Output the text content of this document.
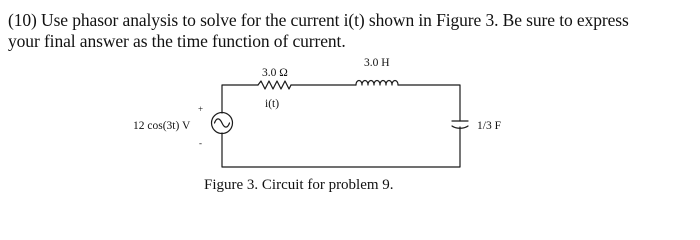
(10) Use phasor analysis to solve for the current i(t) shown in Figure 3. Be sure to express
your final answer as the time function of current.
3.0 Ω
3.0 H
i(t)
12 cos(3t) V	1/3 F
+
-
Figure 3. Circuit for problem 9.
